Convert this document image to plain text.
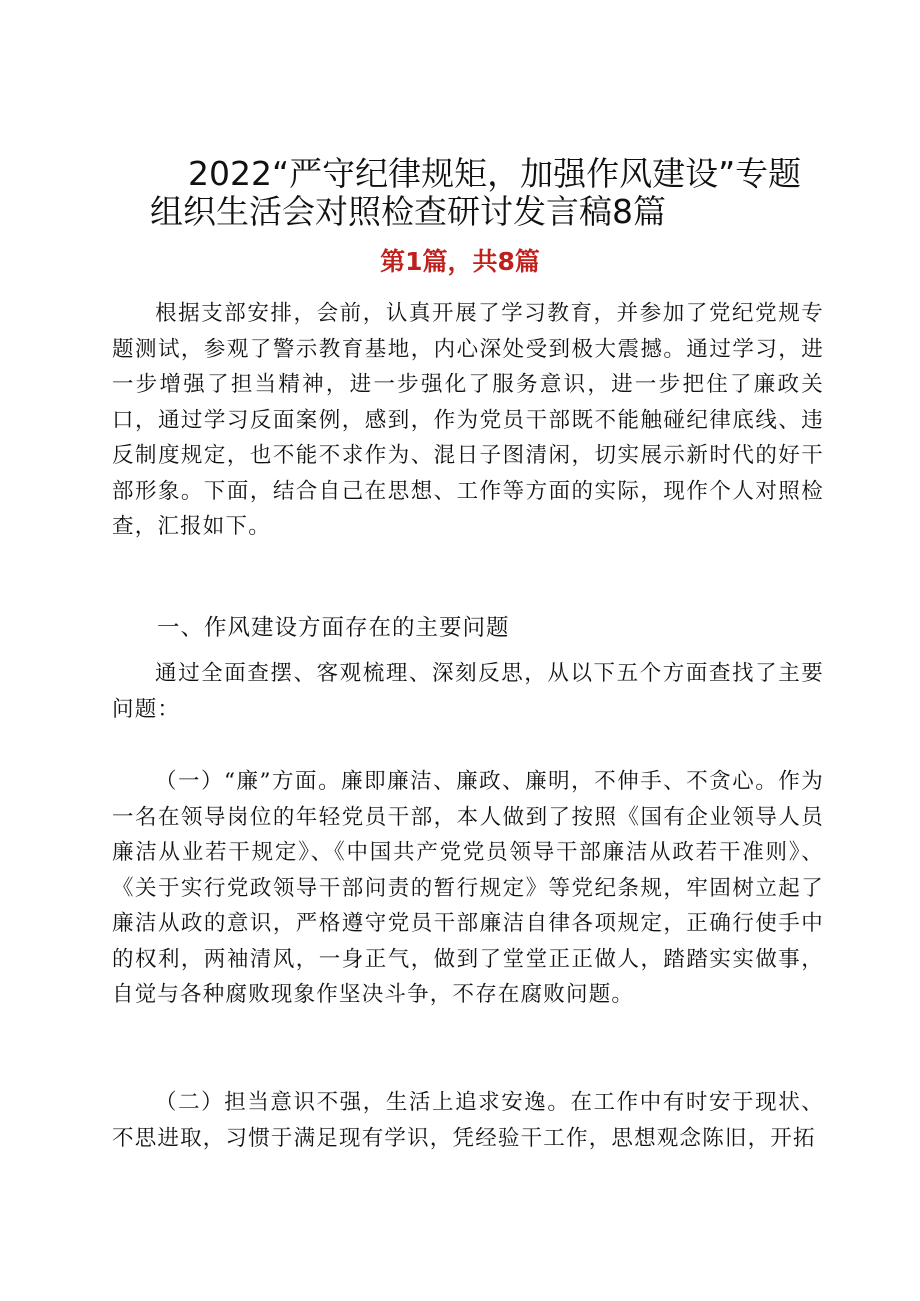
2022“严守纪律规矩，加强作风建设”专题
组织生活会对照检查研讨发言稿8篇
第1篇，共8篇

根据支部安排，会前，认真开展了学习教育，并参加了党纪党规专题测试，参观了警示教育基地，内心深处受到极大震撼。通过学习，进一步增强了担当精神，进一步强化了服务意识，进一步把住了廉政关口，通过学习反面案例，感到，作为党员干部既不能触碰纪律底线、违反制度规定，也不能不求作为、混日子图清闲，切实展示新时代的好干部形象。下面，结合自己在思想、工作等方面的实际，现作个人对照检查，汇报如下。

一、作风建设方面存在的主要问题

通过全面查摆、客观梳理、深刻反思，从以下五个方面查找了主要问题：

（一）“廉”方面。廉即廉洁、廉政、廉明，不伸手、不贪心。作为一名在领导岗位的年轻党员干部，本人做到了按照《国有企业领导人员廉洁从业若干规定》、《中国共产党党员领导干部廉洁从政若干准则》、《关于实行党政领导干部问责的暂行规定》等党纪条规，牢固树立起了廉洁从政的意识，严格遵守党员干部廉洁自律各项规定，正确行使手中的权利，两袖清风，一身正气，做到了堂堂正正做人，踏踏实实做事，自觉与各种腐败现象作坚决斗争，不存在腐败问题。

（二）担当意识不强，生活上追求安逸。在工作中有时安于现状、不思进取，习惯于满足现有学识，凭经验干工作，思想观念陈旧，开拓
